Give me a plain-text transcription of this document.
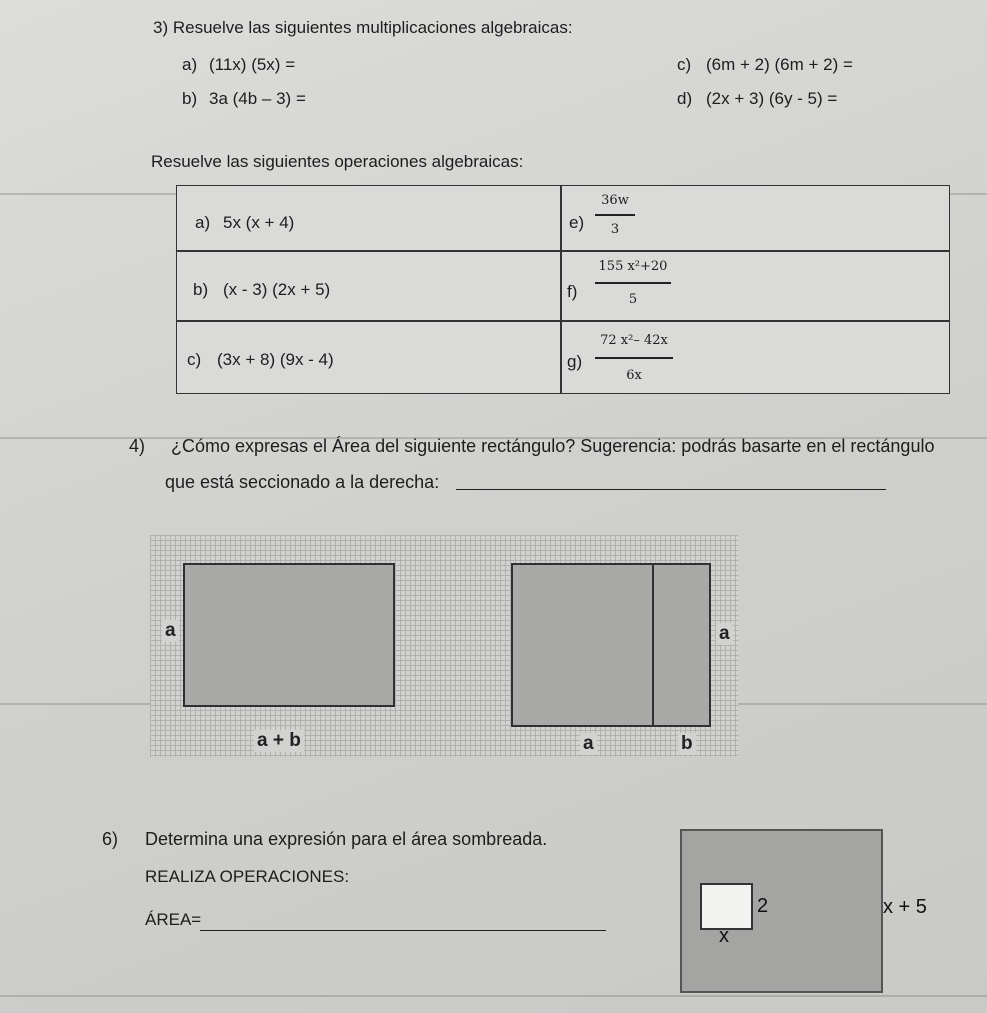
3) Resuelve las siguientes multiplicaciones algebraicas:
a) (11x) (5x) =
b) 3a (4b – 3) =
c) (6m + 2) (6m + 2) =
d) (2x + 3) (6y - 5) =
Resuelve las siguientes operaciones algebraicas:
a) 5x (x + 4)
b) (x - 3) (2x + 5)
c) (3x + 8) (9x - 4)
e)
36w
3
f)
155 x²+20
5
g)
72 x²– 42x
6x
4) ¿Cómo expresas el Área del siguiente rectángulo? Sugerencia: podrás basarte en el rectángulo
que está seccionado a la derecha:
a
a + b
a
a	b
6) Determina una expresión para el área sombreada.
REALIZA OPERACIONES:
ÁREA=
2
x
x + 5
